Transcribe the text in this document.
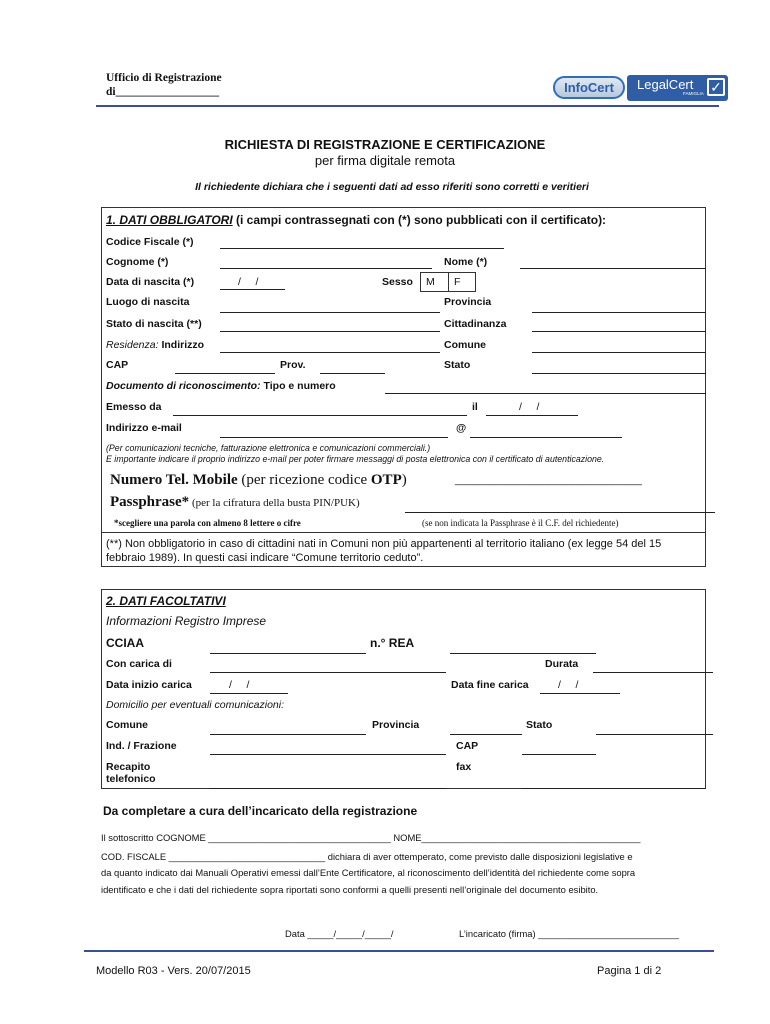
Ufficio di Registrazione
di__________________	InfoCert	LegalCert
FAMIGLIA ✓
RICHIESTA DI REGISTRAZIONE E CERTIFICAZIONE
per firma digitale remota
Il richiedente dichiara che i seguenti dati ad esso riferiti sono corretti e veritieri
1. DATI OBBLIGATORI (i campi contrassegnati con (*) sono pubblicati con il certificato):
Codice Fiscale (*)
Cognome (*)	Nome (*)
Data di nascita (*)	/     /	Sesso M F
Luogo di nascita	Provincia
Stato di nascita (**)	Cittadinanza
Residenza: Indirizzo	Comune
CAP	Prov.	Stato
Documento di riconoscimento: Tipo e numero
Emesso da	il	/     /
Indirizzo e-mail	@
(Per comunicazioni tecniche, fatturazione elettronica e comunicazioni commerciali.)
E importante indicare il proprio indirizzo e-mail per poter firmare messaggi di posta elettronica con il certificato di autenticazione.
Numero Tel. Mobile (per ricezione codice OTP)	________________________________
Passphrase* (per la cifratura della busta PIN/PUK)
*scegliere una parola con almeno 8 lettere o cifre	(se non indicata la Passphrase è il C.F. del richiedente)
(**) Non obbligatorio in caso di cittadini nati in Comuni non più appartenenti al territorio italiano (ex legge 54 del 15 febbraio 1989). In questi casi indicare “Comune territorio ceduto”.
2. DATI FACOLTATIVI
Informazioni Registro Imprese
CCIAA	n.° REA
Con carica di	Durata
Data inizio carica	/     /	Data fine carica	/     /
Domicilio per eventuali comunicazioni:
Comune	Provincia	Stato
Ind. / Frazione	CAP
Recapito
telefonico
fax
Da completare a cura dell’incaricato della registrazione
Il sottoscritto COGNOME ___________________________________ NOME__________________________________________
COD. FISCALE ______________________________ dichiara di aver ottemperato, come previsto dalle disposizioni legislative e
da quanto indicato dai Manuali Operativi emessi dall’Ente Certificatore, al riconoscimento dell’identità del richiedente come sopra
identificato e che i dati del richiedente sopra riportati sono conformi a quelli presenti nell’originale del documento esibito.
Data _____/_____/_____/	L’incaricato (firma) ___________________________
Modello R03 - Vers. 20/07/2015	Pagina 1 di 2
